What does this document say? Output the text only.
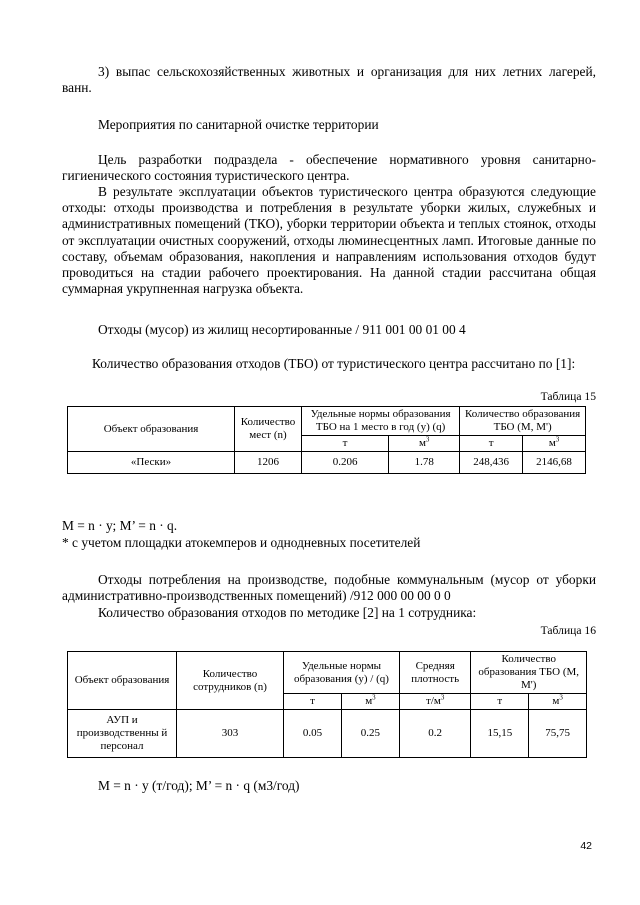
3) выпас сельскохозяйственных животных и организация для них летних лагерей, ванн.

Мероприятия по санитарной очистке территории

Цель разработки подраздела - обеспечение нормативного уровня санитарно-гигиенического состояния туристического центра.

В результате эксплуатации объектов туристического центра образуются следующие отходы: отходы производства и потребления в результате уборки жилых, служебных и административных помещений (ТКО), уборки территории объекта и теплых стоянок, отходы от эксплуатации очистных сооружений, отходы люминесцентных ламп. Итоговые данные по составу, объемам образования, накопления и направлениям использования отходов будут проводиться на стадии рабочего проектирования. На данной стадии рассчитана общая суммарная укрупненная нагрузка объекта.

Отходы (мусор) из жилищ несортированные / 911 001 00 01 00 4

Количество образования отходов (ТБО) от туристического центра рассчитано по [1]:

Таблица 15
Объект образования	Количество мест (n)	Удельные нормы образования ТБО на 1 место в год (у) (q)		Количество образования ТБО (М, М')	
		т	$м^3$	т	$м^3$
«Пески»	1206	0.206	1.78	248,436	2146,68

М = n · у; М’ = n · q.

* с учетом площадки атокемперов и однодневных посетителей

Отходы потребления на производстве, подобные коммунальным (мусор от уборки административно-производственных помещений) /912 000 00 00 0 0

Количество образования отходов по методике [2] на 1 сотрудника:

Таблица 16
Объект образования	Количество сотрудников (n)	Удельные нормы образования (у) / (q)		Средняя плотность	Количество образования ТБО (М, М')	
		т	$м^3$	$т/м^3$	т	$м^3$
АУП и производственны й персонал	303	0.05	0.25	0.2	15,15	75,75

М = n · у (т/год); М’ = n · q (м3/год)

42
